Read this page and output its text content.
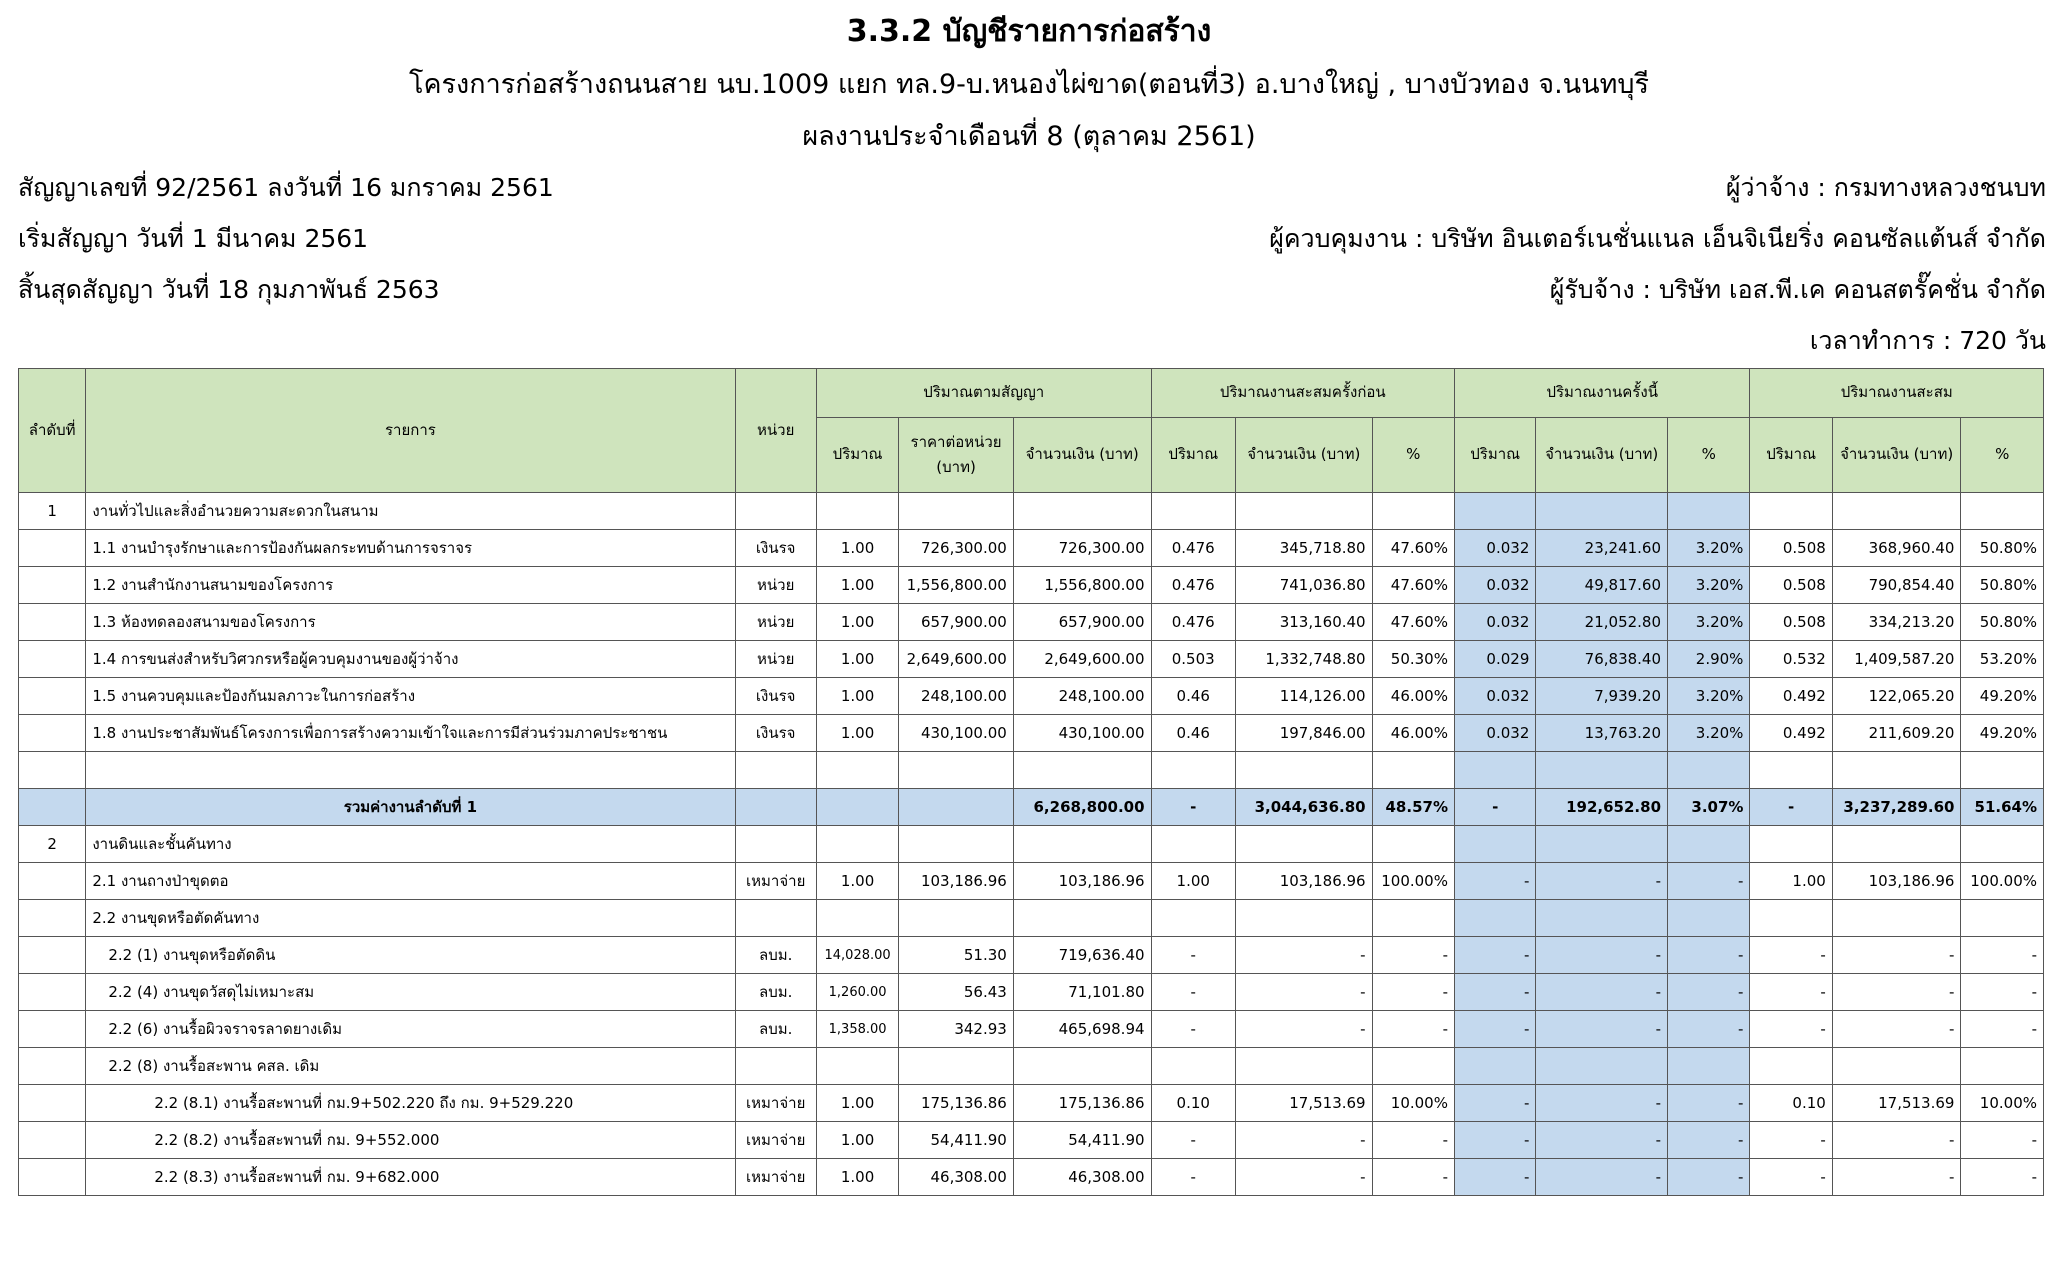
3.3.2 บัญชีรายการก่อสร้าง
โครงการก่อสร้างถนนสาย นบ.1009 แยก ทล.9-บ.หนองไผ่ขาด(ตอนที่3) อ.บางใหญ่ , บางบัวทอง จ.นนทบุรี
ผลงานประจำเดือนที่ 8 (ตุลาคม 2561)
สัญญาเลขที่ 92/2561 ลงวันที่ 16 มกราคม 2561
เริ่มสัญญา วันที่ 1 มีนาคม 2561
สิ้นสุดสัญญา วันที่ 18 กุมภาพันธ์ 2563
ผู้ว่าจ้าง : กรมทางหลวงชนบท
ผู้ควบคุมงาน : บริษัท อินเตอร์เนชั่นแนล เอ็นจิเนียริ่ง คอนซัลแต้นส์ จำกัด
ผู้รับจ้าง : บริษัท เอส.พี.เค คอนสตรั๊คชั่น จำกัด
เวลาทำการ : 720 วัน
ลำดับที่	รายการ	หน่วย	ปริมาณตามสัญญา			ปริมาณงานสะสมครั้งก่อน			ปริมาณงานครั้งนี้			ปริมาณงานสะสม		
			ปริมาณ	ราคาต่อหน่วย (บาท)	จำนวนเงิน (บาท)	ปริมาณ	จำนวนเงิน (บาท)	%	ปริมาณ	จำนวนเงิน (บาท)	%	ปริมาณ	จำนวนเงิน (บาท)	%
1	งานทั่วไปและสิ่งอำนวยความสะดวกในสนาม													
	1.1 งานบำรุงรักษาและการป้องกันผลกระทบด้านการจราจร	เงินรจ	1.00	726,300.00	726,300.00	0.476	345,718.80	47.60%	0.032	23,241.60	3.20%	0.508	368,960.40	50.80%
	1.2 งานสำนักงานสนามของโครงการ	หน่วย	1.00	1,556,800.00	1,556,800.00	0.476	741,036.80	47.60%	0.032	49,817.60	3.20%	0.508	790,854.40	50.80%
	1.3 ห้องทดลองสนามของโครงการ	หน่วย	1.00	657,900.00	657,900.00	0.476	313,160.40	47.60%	0.032	21,052.80	3.20%	0.508	334,213.20	50.80%
	1.4 การขนส่งสำหรับวิศวกรหรือผู้ควบคุมงานของผู้ว่าจ้าง	หน่วย	1.00	2,649,600.00	2,649,600.00	0.503	1,332,748.80	50.30%	0.029	76,838.40	2.90%	0.532	1,409,587.20	53.20%
	1.5 งานควบคุมและป้องกันมลภาวะในการก่อสร้าง	เงินรจ	1.00	248,100.00	248,100.00	0.46	114,126.00	46.00%	0.032	7,939.20	3.20%	0.492	122,065.20	49.20%
	1.8 งานประชาสัมพันธ์โครงการเพื่อการสร้างความเข้าใจและการมีส่วนร่วมภาคประชาชน	เงินรจ	1.00	430,100.00	430,100.00	0.46	197,846.00	46.00%	0.032	13,763.20	3.20%	0.492	211,609.20	49.20%

	รวมค่างานลำดับที่ 1				6,268,800.00	-	3,044,636.80	48.57%	-	192,652.80	3.07%	-	3,237,289.60	51.64%
2	งานดินและชั้นคันทาง													
	2.1 งานถางป่าขุดตอ	เหมาจ่าย	1.00	103,186.96	103,186.96	1.00	103,186.96	100.00%	-	-	-	1.00	103,186.96	100.00%
	2.2 งานขุดหรือตัดคันทาง													
	2.2 (1) งานขุดหรือตัดดิน	ลบม.	14,028.00	51.30	719,636.40	-	-	-	-	-	-	-	-	-
	2.2 (4) งานขุดวัสดุไม่เหมาะสม	ลบม.	1,260.00	56.43	71,101.80	-	-	-	-	-	-	-	-	-
	2.2 (6) งานรื้อผิวจราจรลาดยางเดิม	ลบม.	1,358.00	342.93	465,698.94	-	-	-	-	-	-	-	-	-
	2.2 (8) งานรื้อสะพาน คสล. เดิม													
	2.2 (8.1) งานรื้อสะพานที่ กม.9+502.220 ถึง กม. 9+529.220	เหมาจ่าย	1.00	175,136.86	175,136.86	0.10	17,513.69	10.00%	-	-	-	0.10	17,513.69	10.00%
	2.2 (8.2) งานรื้อสะพานที่ กม. 9+552.000	เหมาจ่าย	1.00	54,411.90	54,411.90	-	-	-	-	-	-	-	-	-
	2.2 (8.3) งานรื้อสะพานที่ กม. 9+682.000	เหมาจ่าย	1.00	46,308.00	46,308.00	-	-	-	-	-	-	-	-	-
